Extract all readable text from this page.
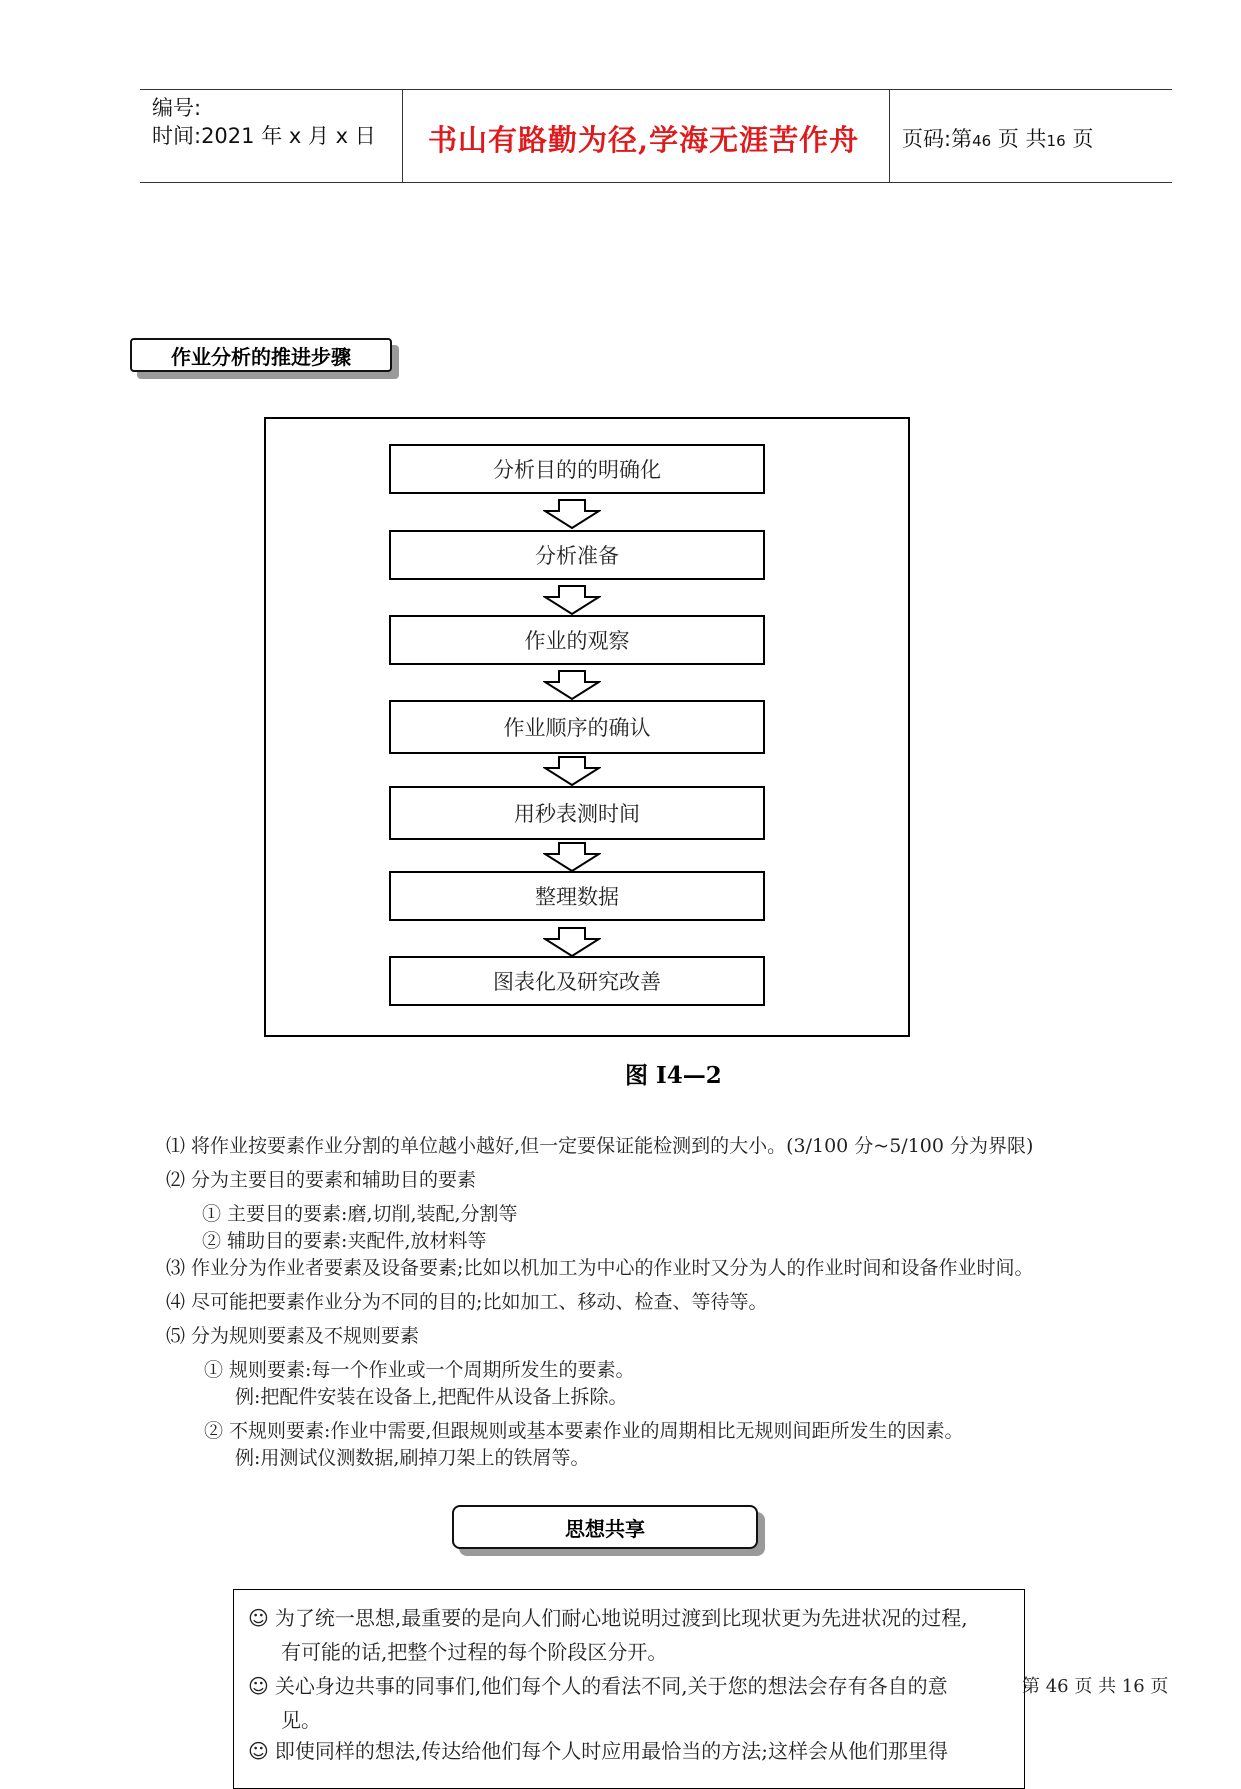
编号:
时间:2021 年 x 月 x 日 书山有路勤为径,学海无涯苦作舟 页码:第46 页 共16 页
作业分析的推进步骤
分析目的的明确化
分析准备
作业的观察
作业顺序的确认
用秒表测时间
整理数据
图表化及研究改善
图 I4—2
⑴ 将作业按要素作业分割的单位越小越好,但一定要保证能检测到的大小。(3/100 分~5/100 分为界限)
⑵ 分为主要目的要素和辅助目的要素
① 主要目的要素:磨,切削,装配,分割等
② 辅助目的要素:夹配件,放材料等
⑶ 作业分为作业者要素及设备要素;比如以机加工为中心的作业时又分为人的作业时间和设备作业时间。
⑷ 尽可能把要素作业分为不同的目的;比如加工、移动、检查、等待等。
⑸ 分为规则要素及不规则要素
① 规则要素:每一个作业或一个周期所发生的要素。
例:把配件安装在设备上,把配件从设备上拆除。
② 不规则要素:作业中需要,但跟规则或基本要素作业的周期相比无规则间距所发生的因素。
例:用测试仪测数据,刷掉刀架上的铁屑等。
思想共享
☺ 为了统一思想,最重要的是向人们耐心地说明过渡到比现状更为先进状况的过程,
有可能的话,把整个过程的每个阶段区分开。
☺ 关心身边共事的同事们,他们每个人的看法不同,关于您的想法会存有各自的意
见。
☺ 即使同样的想法,传达给他们每个人时应用最恰当的方法;这样会从他们那里得
第 46 页 共 16 页
